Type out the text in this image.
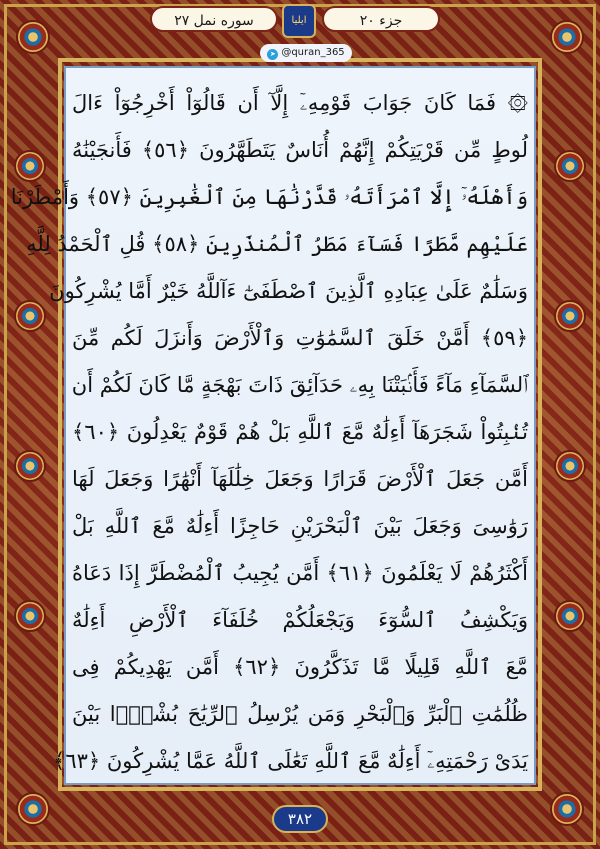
سوره نمل ۲۷	ایلیا	جزء ۲۰
➤ @quran_365
۞ فَمَا كَانَ جَوَابَ قَوْمِهِۦٓ إِلَّآ أَن قَالُوٓاْ أَخْرِجُوٓاْ ءَالَ
لُوطٍ مِّن قَرْيَتِكُمْ إِنَّهُمْ أُنَاسٌ يَتَطَهَّرُونَ ﴿٥٦﴾ فَأَنجَيْنَٰهُ
وَأَهْلَهُۥٓ إِلَّا ٱمْرَأَتَهُۥ قَدَّرْنَٰهَا مِنَ ٱلْغَٰبِرِينَ ﴿٥٧﴾ وَأَمْطَرْنَا
عَلَيْهِم مَّطَرًا فَسَآءَ مَطَرُ ٱلْمُنذَرِينَ ﴿٥٨﴾ قُلِ ٱلْحَمْدُ لِلَّهِ
وَسَلَٰمٌ عَلَىٰ عِبَادِهِ ٱلَّذِينَ ٱصْطَفَىٰٓ ءَآللَّهُ خَيْرٌ أَمَّا يُشْرِكُونَ
﴿٥٩﴾ أَمَّنْ خَلَقَ ٱلسَّمَٰوَٰتِ وَٱلْأَرْضَ وَأَنزَلَ لَكُم مِّنَ
ٱلسَّمَآءِ مَآءً فَأَنۢبَتْنَا بِهِۦ حَدَآئِقَ ذَاتَ بَهْجَةٍ مَّا كَانَ لَكُمْ أَن
تُنۢبِتُواْ شَجَرَهَآ أَءِلَٰهٌ مَّعَ ٱللَّهِ بَلْ هُمْ قَوْمٌ يَعْدِلُونَ ﴿٦٠﴾
أَمَّن جَعَلَ ٱلْأَرْضَ قَرَارًا وَجَعَلَ خِلَٰلَهَآ أَنْهَٰرًا وَجَعَلَ لَهَا
رَوَٰسِىَ وَجَعَلَ بَيْنَ ٱلْبَحْرَيْنِ حَاجِزًا أَءِلَٰهٌ مَّعَ ٱللَّهِ بَلْ
أَكْثَرُهُمْ لَا يَعْلَمُونَ ﴿٦١﴾ أَمَّن يُجِيبُ ٱلْمُضْطَرَّ إِذَا دَعَاهُ
وَيَكْشِفُ ٱلسُّوٓءَ وَيَجْعَلُكُمْ خُلَفَآءَ ٱلْأَرْضِ أَءِلَٰهٌ
مَّعَ ٱللَّهِ قَلِيلًا مَّا تَذَكَّرُونَ ﴿٦٢﴾ أَمَّن يَهْدِيكُمْ فِى
ظُلُمَٰتِ ٱلْبَرِّ وَٱلْبَحْرِ وَمَن يُرْسِلُ ٱلرِّيَٰحَ بُشْرًۢا بَيْنَ
يَدَىْ رَحْمَتِهِۦٓ أَءِلَٰهٌ مَّعَ ٱللَّهِ تَعَٰلَى ٱللَّهُ عَمَّا يُشْرِكُونَ ﴿٦٣﴾
۳۸۲
